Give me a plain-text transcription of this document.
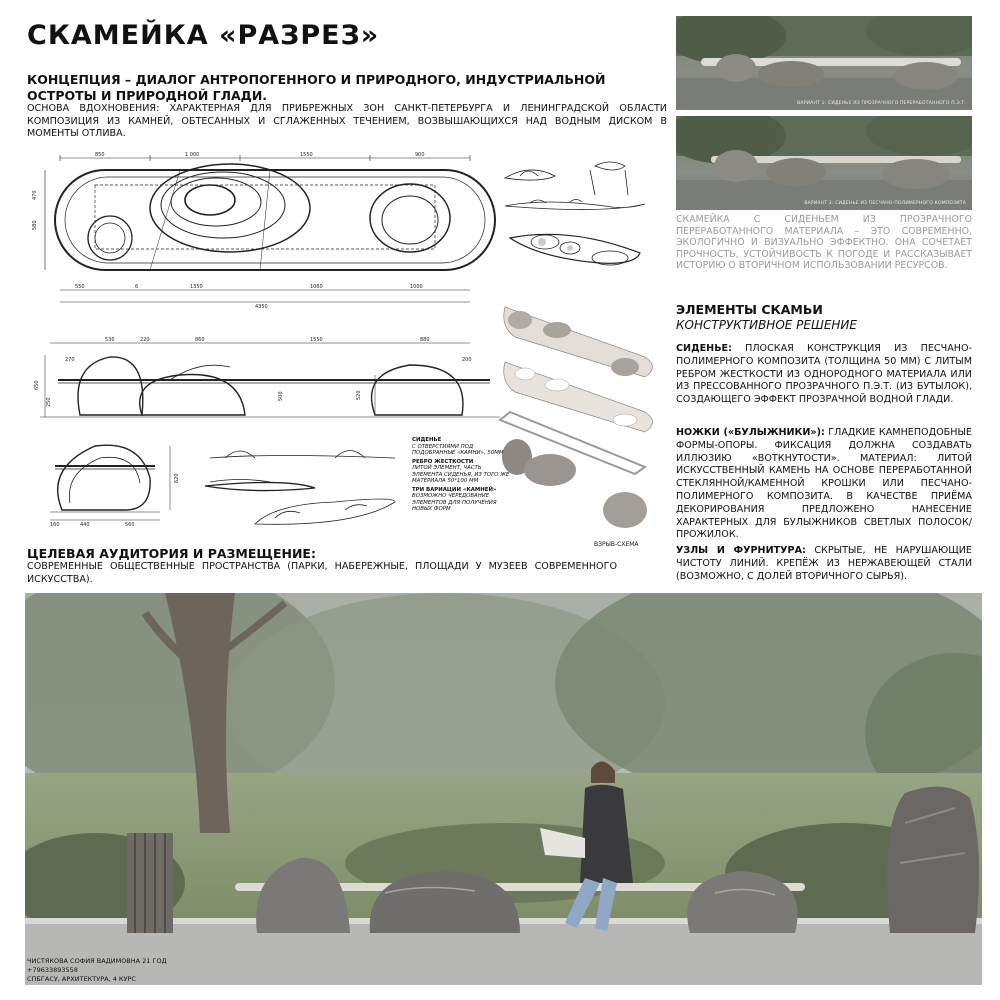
СКАМЕЙКА «РАЗРЕЗ»
КОНЦЕПЦИЯ – ДИАЛОГ АНТРОПОГЕННОГО И ПРИРОДНОГО, ИНДУСТРИАЛЬНОЙ ОСТРОТЫ И ПРИРОДНОЙ ГЛАДИ.
ОСНОВА ВДОХНОВЕНИЯ: ХАРАКТЕРНАЯ ДЛЯ ПРИБРЕЖНЫХ ЗОН САНКТ-ПЕТЕРБУРГА И ЛЕНИНГРАДСКОЙ ОБЛАСТИ КОМПОЗИЦИЯ ИЗ КАМНЕЙ, ОБТЕСАННЫХ И СГЛАЖЕННЫХ ТЕЧЕНИЕМ, ВОЗВЫШАЮЩИХСЯ НАД ВОДНЫМ ДИСКОМ В МОМЕНТЫ ОТЛИВА.
850	1 000	1550	900
550	6	1350	1060	1000
4350
470
580
530	220	860	1550	880
270	200
650
500
250
520
160	440	560
620
СИДЕНЬЕ
С ОТВЕРСТИЯМИ ПОД ПОДОБРАННЫЕ «КАМНИ», 50ММ
РЕБРО ЖЕСТКОСТИ
ЛИТОЙ ЭЛЕМЕНТ, ЧАСТЬ ЭЛЕМЕНТА СИДЕНЬЯ, ИЗ ТОГО ЖЕ МАТЕРИАЛА 50*100 ММ
ТРИ ВАРИАЦИИ «КАМНЕЙ»
ВОЗМОЖНО ЧЕРЕДОВАНИЕ ЭЛЕМЕНТОВ ДЛЯ ПОЛУЧЕНИЯ НОВЫХ ФОРМ
ВЗРЫВ-СХЕМА
ЦЕЛЕВАЯ АУДИТОРИЯ И РАЗМЕЩЕНИЕ:
СОВРЕМЕННЫЕ ОБЩЕСТВЕННЫЕ ПРОСТРАНСТВА (ПАРКИ, НАБЕРЕЖНЫЕ, ПЛОЩАДИ У МУЗЕЕВ СОВРЕМЕННОГО ИСКУССТВА).
ВАРИАНТ 1: СИДЕНЬЕ ИЗ ПРОЗРАЧНОГО ПЕРЕРАБОТАННОГО П.Э.Т.
ВАРИАНТ 2: СИДЕНЬЕ ИЗ ПЕСЧАНО-ПОЛИМЕРНОГО КОМПОЗИТА
СКАМЕЙКА С СИДЕНЬЕМ ИЗ ПРОЗРАЧНОГО ПЕРЕРАБОТАННОГО МАТЕРИАЛА – ЭТО СОВРЕМЕННО, ЭКОЛОГИЧНО И ВИЗУАЛЬНО ЭФФЕКТНО. ОНА СОЧЕТАЕТ ПРОЧНОСТЬ, УСТОЙЧИВОСТЬ К ПОГОДЕ И РАССКАЗЫВАЕТ ИСТОРИЮ О ВТОРИЧНОМ ИСПОЛЬЗОВАНИИ РЕСУРСОВ.
ЭЛЕМЕНТЫ СКАМЬИ
КОНСТРУКТИВНОЕ РЕШЕНИЕ
СИДЕНЬЕ: ПЛОСКАЯ КОНСТРУКЦИЯ ИЗ ПЕСЧАНО-ПОЛИМЕРНОГО КОМПОЗИТА (ТОЛЩИНА 50 ММ) С ЛИТЫМ РЕБРОМ ЖЕСТКОСТИ ИЗ ОДНОРОДНОГО МАТЕРИАЛА ИЛИ ИЗ ПРЕССОВАННОГО ПРОЗРАЧНОГО П.Э.Т. (ИЗ БУТЫЛОК), СОЗДАЮЩЕГО ЭФФЕКТ ПРОЗРАЧНОЙ ВОДНОЙ ГЛАДИ.
НОЖКИ («БУЛЫЖНИКИ»): ГЛАДКИЕ КАМНЕПОДОБНЫЕ ФОРМЫ-ОПОРЫ. ФИКСАЦИЯ ДОЛЖНА СОЗДАВАТЬ ИЛЛЮЗИЮ «ВОТКНУТОСТИ». МАТЕРИАЛ: ЛИТОЙ ИСКУССТВЕННЫЙ КАМЕНЬ НА ОСНОВЕ ПЕРЕРАБОТАННОЙ СТЕКЛЯННОЙ/КАМЕННОЙ КРОШКИ ИЛИ ПЕСЧАНО-ПОЛИМЕРНОГО КОМПОЗИТА. В КАЧЕСТВЕ ПРИЁМА ДЕКОРИРОВАНИЯ ПРЕДЛОЖЕНО НАНЕСЕНИЕ ХАРАКТЕРНЫХ ДЛЯ БУЛЫЖНИКОВ СВЕТЛЫХ ПОЛОСОК/ПРОЖИЛОК.
УЗЛЫ И ФУРНИТУРА: СКРЫТЫЕ, НЕ НАРУШАЮЩИЕ ЧИСТОТУ ЛИНИЙ. КРЕПЁЖ ИЗ НЕРЖАВЕЮЩЕЙ СТАЛИ (ВОЗМОЖНО, С ДОЛЕЙ ВТОРИЧНОГО СЫРЬЯ).
ЧИСТЯКОВА СОФИЯ ВАДИМОВНА 21 ГОД
+79633893558
СПБГАСУ, АРХИТЕКТУРА, 4 КУРС
